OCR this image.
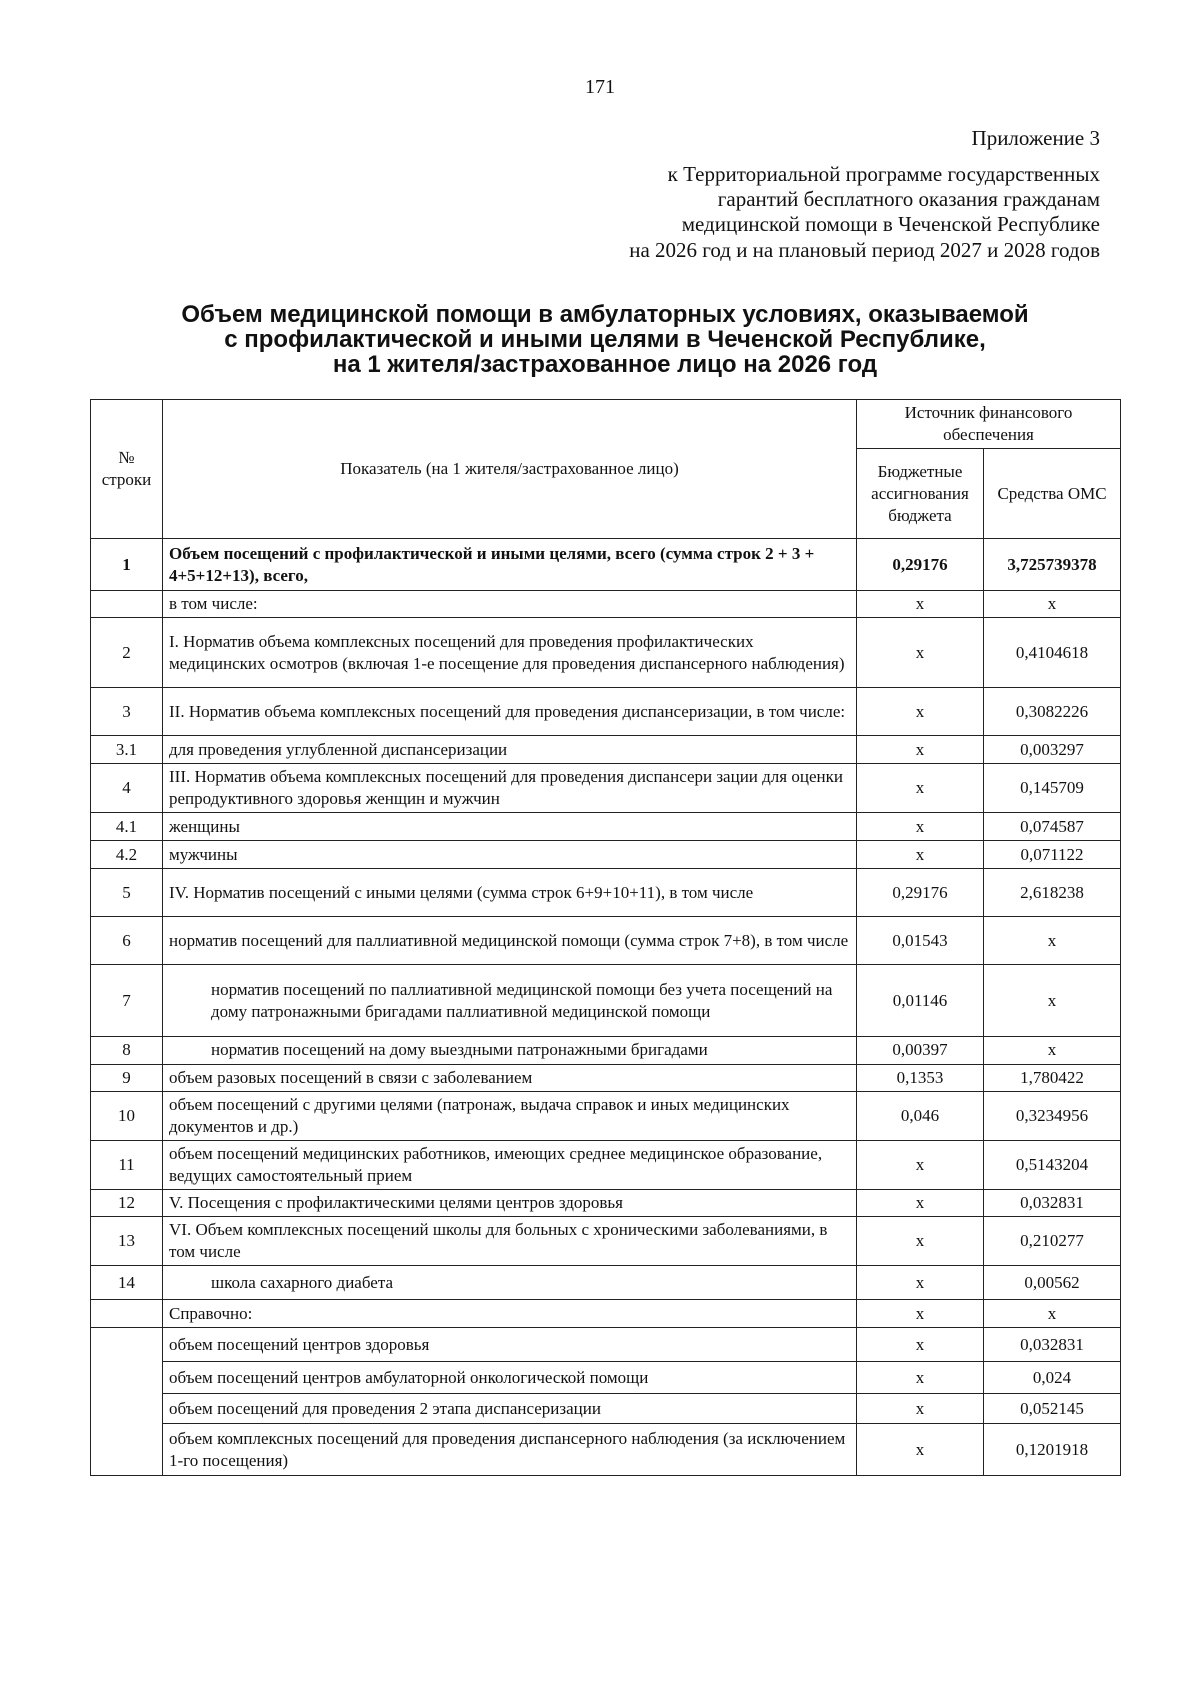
171
Приложение 3
к Территориальной программе государственных
гарантий бесплатного оказания гражданам
медицинской помощи в Чеченской Республике
на 2026 год и на плановый период 2027 и 2028 годов
Объем медицинской помощи в амбулаторных условиях, оказываемой
с профилактической и иными целями в Чеченской Республике,
на 1 жителя/застрахованное лицо на 2026 год
№ строки	Показатель (на 1 жителя/застрахованное лицо)	Источник финансового обеспечения	
		Бюджетные ассигнования бюджета	Средства ОМС
1	Объем посещений с профилактической и иными целями, всего (сумма строк 2 + 3 + 4+5+12+13), всего,	0,29176	3,725739378
	в том числе:	х	х
2	I. Норматив объема комплексных посещений для проведения профилактических медицинских осмотров (включая 1-е посещение для проведения диспансерного наблюдения)	х	0,4104618
3	II. Норматив объема комплексных посещений для проведения диспансеризации, в том числе:	х	0,3082226
3.1	для проведения углубленной диспансеризации	х	0,003297
4	III. Норматив объема комплексных посещений для проведения диспансери зации для оценки репродуктивного здоровья женщин и мужчин	х	0,145709
4.1	женщины	х	0,074587
4.2	мужчины	х	0,071122
5	IV. Норматив посещений с иными целями (сумма строк 6+9+10+11), в том числе	0,29176	2,618238
6	норматив посещений для паллиативной медицинской помощи (сумма строк 7+8), в том числе	0,01543	х
7	норматив посещений по паллиативной медицинской помощи без учета посещений на дому патронажными бригадами паллиативной медицинской помощи	0,01146	х
8	норматив посещений на дому выездными патронажными бригадами	0,00397	х
9	объем разовых посещений в связи с заболеванием	0,1353	1,780422
10	объем посещений с другими целями (патронаж, выдача справок и иных медицинских документов и др.)	0,046	0,3234956
11	объем посещений медицинских работников, имеющих среднее медицинское образование, ведущих самостоятельный прием	х	0,5143204
12	V. Посещения с профилактическими целями центров здоровья	х	0,032831
13	VI. Объем комплексных посещений школы для больных с хроническими заболеваниями, в том числе	х	0,210277
14	школа сахарного диабета	х	0,00562
	Справочно:	х	х
	объем посещений центров здоровья	х	0,032831
	объем посещений центров амбулаторной онкологической помощи	х	0,024
	объем посещений для проведения 2 этапа диспансеризации	х	0,052145
	объем комплексных посещений для проведения диспансерного наблюдения (за исключением 1-го посещения)	х	0,1201918
